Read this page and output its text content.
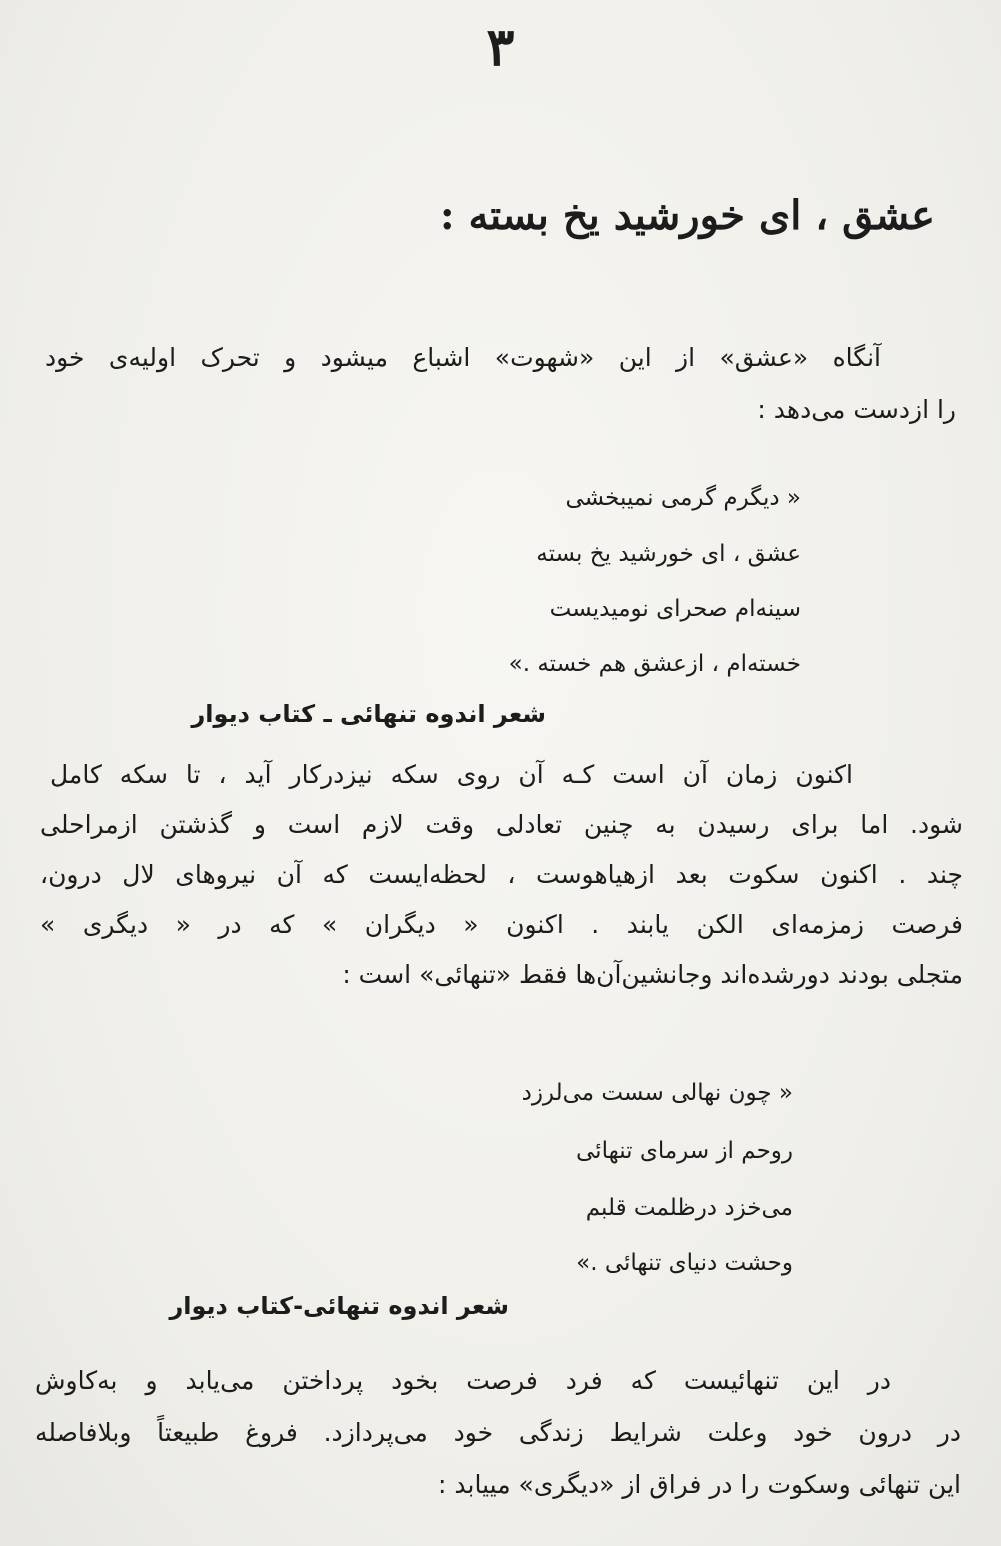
۳
عشق ، ای خورشید یخ بسته :
آنگاه «عشق» از این «شهوت» اشباع میشود و تحرک اولیه‌ی خود
را ازدست می‌دهد :
« دیگرم گرمی نمیبخشی
عشق ، ای خورشید یخ بسته
سینه‌ام صحرای نومیدیست
خسته‌ام ، ازعشق هم خسته .»
شعر اندوه تنهائی ـ کتاب دیوار
اکنون زمان آن است کـه آن روی سکه نیزدرکار آید ، تا سکه کامل
شود. اما برای رسیدن به چنین تعادلی وقت لازم است و گذشتن ازمراحلی
چند . اکنون سکوت بعد ازهیاهوست ، لحظه‌ایست که آن نیروهای لال درون،
فرصت زمزمه‌ای الکن یابند . اکنون « دیگران » که در « دیگری »
متجلی بودند دورشده‌اند وجانشین‌آن‌ها فقط «تنهائی» است :
« چون نهالی سست می‌لرزد
روحم از سرمای تنهائی
می‌خزد درظلمت قلبم
وحشت دنیای تنهائی .»
شعر اندوه تنهائی-کتاب دیوار
در این تنهائیست که فرد فرصت بخود پرداختن می‌یابد و به‌کاوش
در درون خود وعلت شرایط زندگی خود می‌پردازد. فروغ طبیعتاً وبلافاصله
این تنهائی وسکوت را در فراق از «دیگری» مییابد :
